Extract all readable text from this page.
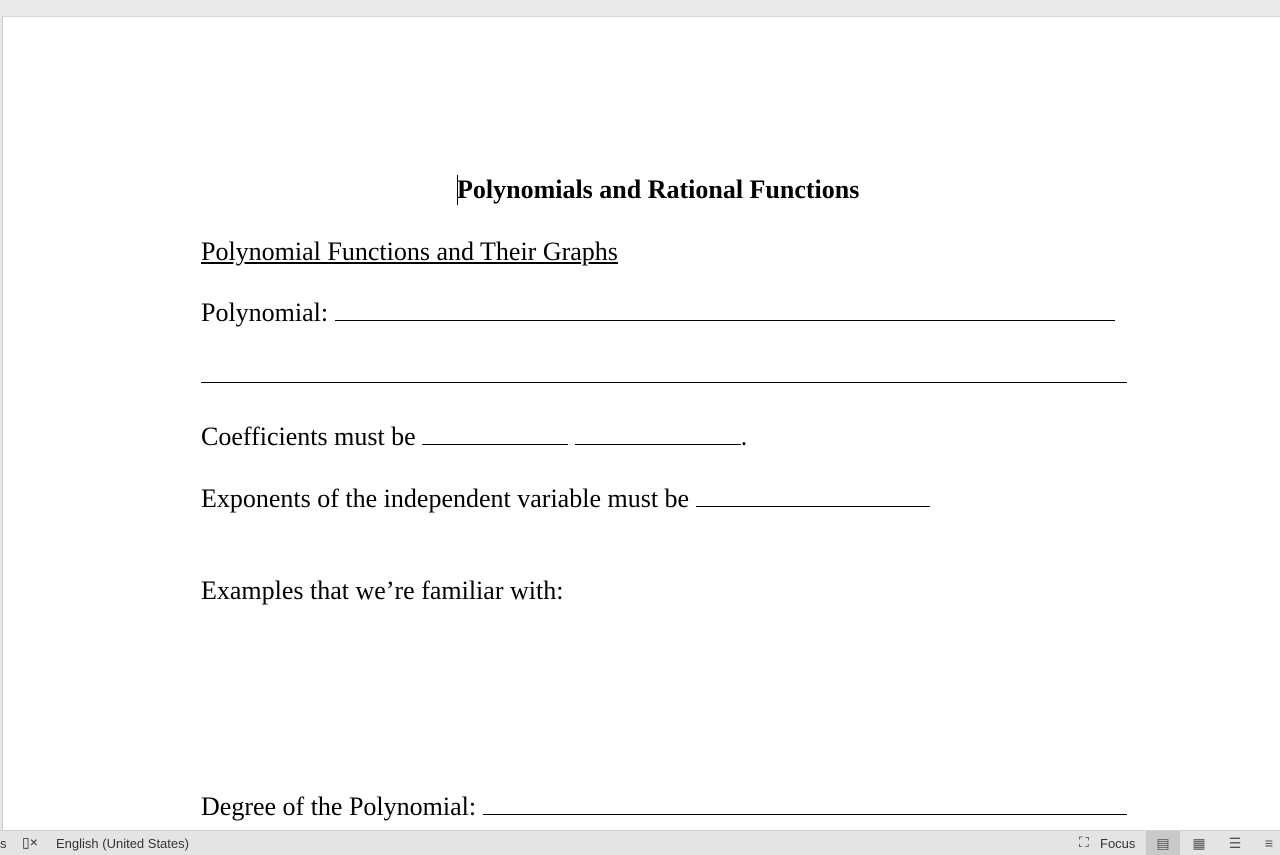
Polynomials and Rational Functions
Polynomial Functions and Their Graphs
Polynomial:
Coefficients must be	.
Exponents of the independent variable must be
Examples that we’re familiar with:
Degree of the Polynomial:
s ▯× English (United States)	⛶ Focus	▤	▦	☰	≡
